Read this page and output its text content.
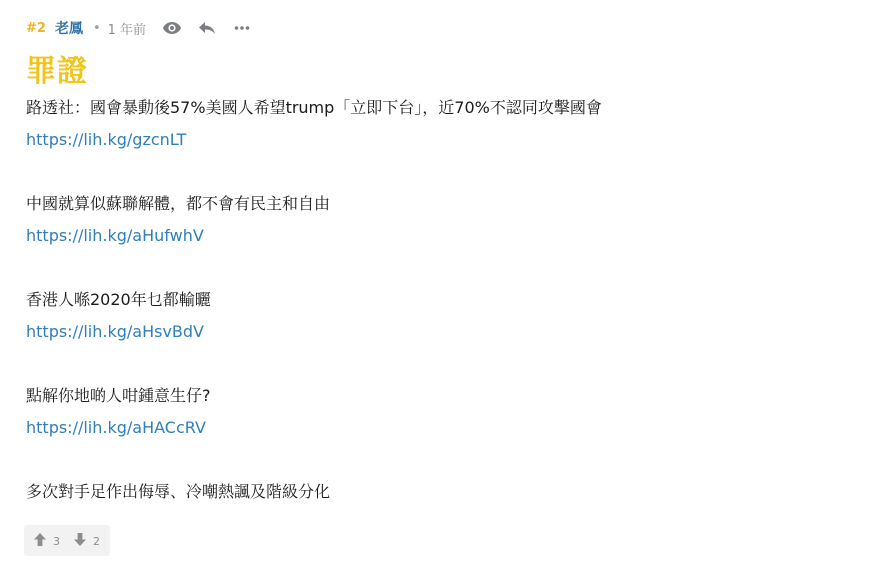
#2 老鳳 • 1 年前
罪證
路透社：國會暴動後57%美國人希望trump「立即下台」，近70%不認同攻擊國會
https://lih.kg/gzcnLT
中國就算似蘇聯解體，都不會有民主和自由
https://lih.kg/aHufwhV
香港人喺2020年乜都輸曬
https://lih.kg/aHsvBdV
點解你地啲人咁鍾意生仔?
https://lih.kg/aHACcRV
多次對手足作出侮辱、冷嘲熱諷及階級分化
3	2
